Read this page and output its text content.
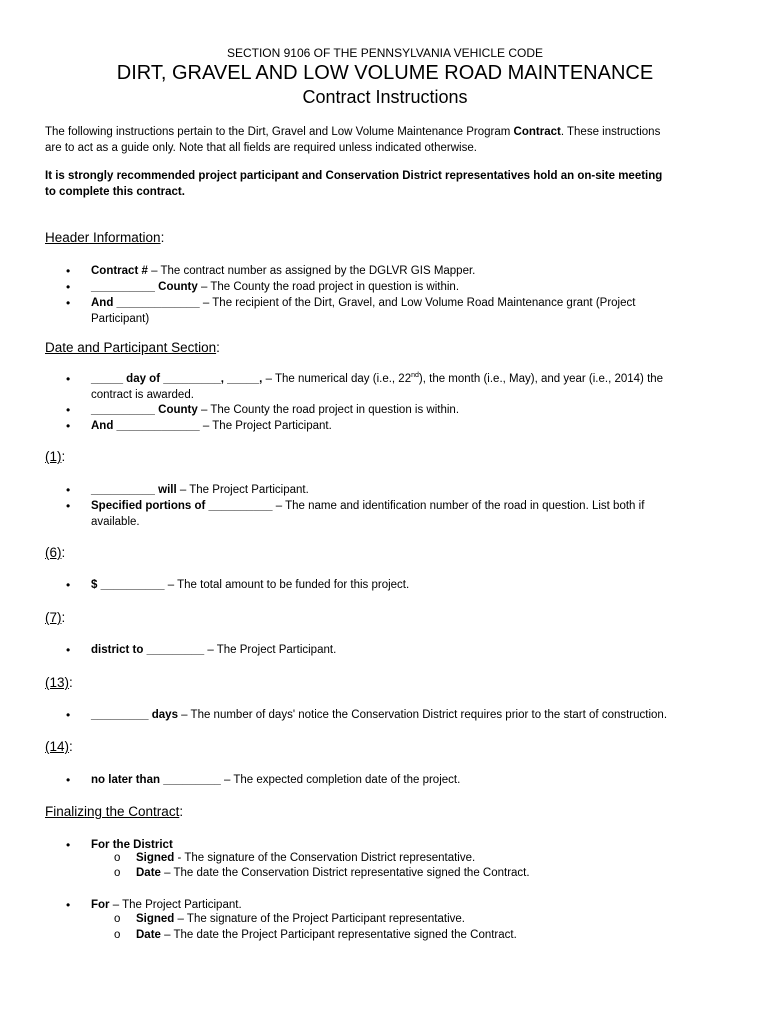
SECTION 9106 OF THE PENNSYLVANIA VEHICLE CODE
DIRT, GRAVEL AND LOW VOLUME ROAD MAINTENANCE
Contract Instructions
The following instructions pertain to the Dirt, Gravel and Low Volume Maintenance Program Contract. These instructions
are to act as a guide only. Note that all fields are required unless indicated otherwise.
It is strongly recommended project participant and Conservation District representatives hold an on-site meeting
to complete this contract.
Header Information:
• Contract # – The contract number as assigned by the DGLVR GIS Mapper.
• __________ County – The County the road project in question is within.
• And _____________ – The recipient of the Dirt, Gravel, and Low Volume Road Maintenance grant (Project
Participant)
Date and Participant Section:
• _____ day of _________, _____, – The numerical day (i.e., 22nd), the month (i.e., May), and year (i.e., 2014) the
contract is awarded.
• __________ County – The County the road project in question is within.
• And _____________ – The Project Participant.
(1):
• __________ will – The Project Participant.
• Specified portions of __________ – The name and identification number of the road in question. List both if
available.
(6):
• $ __________ – The total amount to be funded for this project.
(7):
• district to _________ – The Project Participant.
(13):
• _________ days – The number of days' notice the Conservation District requires prior to the start of construction.
(14):
• no later than _________ – The expected completion date of the project.
Finalizing the Contract:
• For the District
o Signed - The signature of the Conservation District representative.
o Date – The date the Conservation District representative signed the Contract.
• For – The Project Participant.
o Signed – The signature of the Project Participant representative.
o Date – The date the Project Participant representative signed the Contract.
